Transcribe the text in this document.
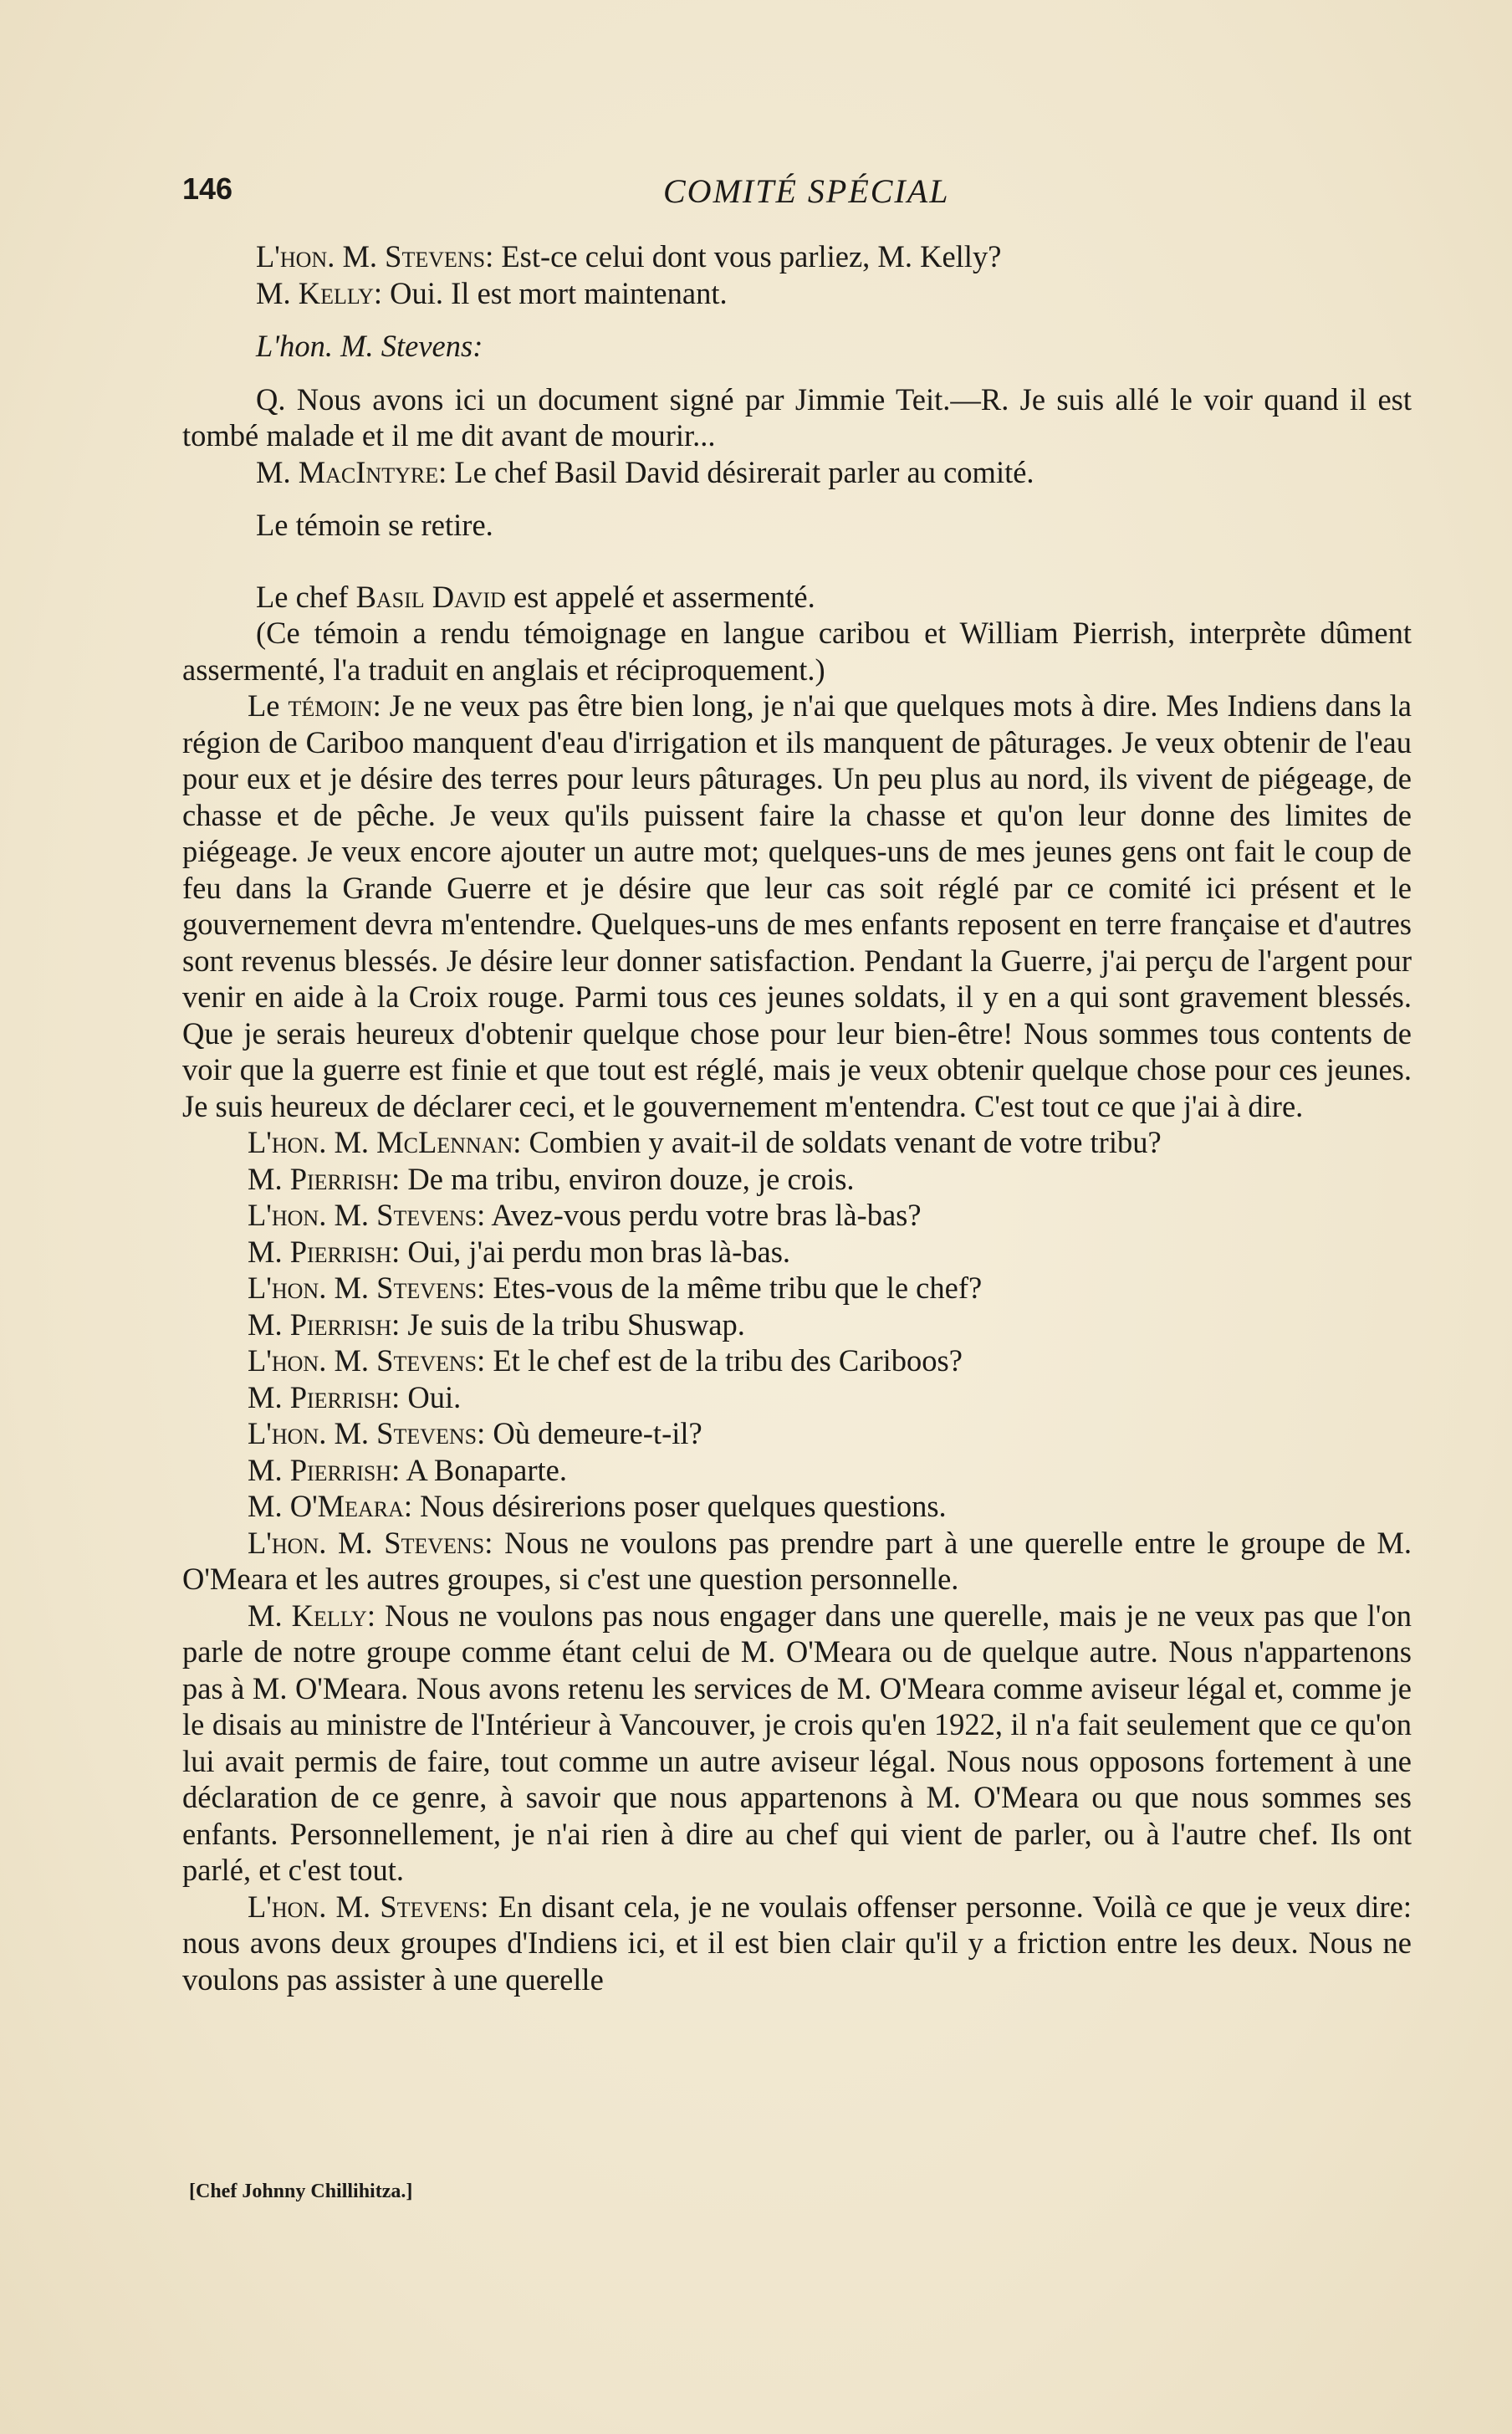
146	COMITÉ SPÉCIAL

L'hon. M. Stevens: Est-ce celui dont vous parliez, M. Kelly?

M. Kelly: Oui. Il est mort maintenant.

L'hon. M. Stevens:

Q. Nous avons ici un document signé par Jimmie Teit.—R. Je suis allé le voir quand il est tombé malade et il me dit avant de mourir...

M. MacIntyre: Le chef Basil David désirerait parler au comité.

Le témoin se retire.

Le chef Basil David est appelé et assermenté.

(Ce témoin a rendu témoignage en langue caribou et William Pierrish, interprète dûment assermenté, l'a traduit en anglais et réciproquement.)

Le témoin: Je ne veux pas être bien long, je n'ai que quelques mots à dire. Mes Indiens dans la région de Cariboo manquent d'eau d'irrigation et ils manquent de pâturages. Je veux obtenir de l'eau pour eux et je désire des terres pour leurs pâturages. Un peu plus au nord, ils vivent de piégeage, de chasse et de pêche. Je veux qu'ils puissent faire la chasse et qu'on leur donne des limites de piégeage. Je veux encore ajouter un autre mot; quelques-uns de mes jeunes gens ont fait le coup de feu dans la Grande Guerre et je désire que leur cas soit réglé par ce comité ici présent et le gouvernement devra m'entendre. Quelques-uns de mes enfants reposent en terre française et d'autres sont revenus blessés. Je désire leur donner satisfaction. Pendant la Guerre, j'ai perçu de l'argent pour venir en aide à la Croix rouge. Parmi tous ces jeunes soldats, il y en a qui sont gravement blessés. Que je serais heureux d'obtenir quelque chose pour leur bien-être! Nous sommes tous contents de voir que la guerre est finie et que tout est réglé, mais je veux obtenir quelque chose pour ces jeunes. Je suis heureux de déclarer ceci, et le gouvernement m'entendra. C'est tout ce que j'ai à dire.

L'hon. M. McLennan: Combien y avait-il de soldats venant de votre tribu?

M. Pierrish: De ma tribu, environ douze, je crois.

L'hon. M. Stevens: Avez-vous perdu votre bras là-bas?

M. Pierrish: Oui, j'ai perdu mon bras là-bas.

L'hon. M. Stevens: Etes-vous de la même tribu que le chef?

M. Pierrish: Je suis de la tribu Shuswap.

L'hon. M. Stevens: Et le chef est de la tribu des Cariboos?

M. Pierrish: Oui.

L'hon. M. Stevens: Où demeure-t-il?

M. Pierrish: A Bonaparte.

M. O'Meara: Nous désirerions poser quelques questions.

L'hon. M. Stevens: Nous ne voulons pas prendre part à une querelle entre le groupe de M. O'Meara et les autres groupes, si c'est une question personnelle.

M. Kelly: Nous ne voulons pas nous engager dans une querelle, mais je ne veux pas que l'on parle de notre groupe comme étant celui de M. O'Meara ou de quelque autre. Nous n'appartenons pas à M. O'Meara. Nous avons retenu les services de M. O'Meara comme aviseur légal et, comme je le disais au ministre de l'Intérieur à Vancouver, je crois qu'en 1922, il n'a fait seulement que ce qu'on lui avait permis de faire, tout comme un autre aviseur légal. Nous nous opposons fortement à une déclaration de ce genre, à savoir que nous appartenons à M. O'Meara ou que nous sommes ses enfants. Personnellement, je n'ai rien à dire au chef qui vient de parler, ou à l'autre chef. Ils ont parlé, et c'est tout.

L'hon. M. Stevens: En disant cela, je ne voulais offenser personne. Voilà ce que je veux dire: nous avons deux groupes d'Indiens ici, et il est bien clair qu'il y a friction entre les deux. Nous ne voulons pas assister à une querelle

[Chef Johnny Chillihitza.]
